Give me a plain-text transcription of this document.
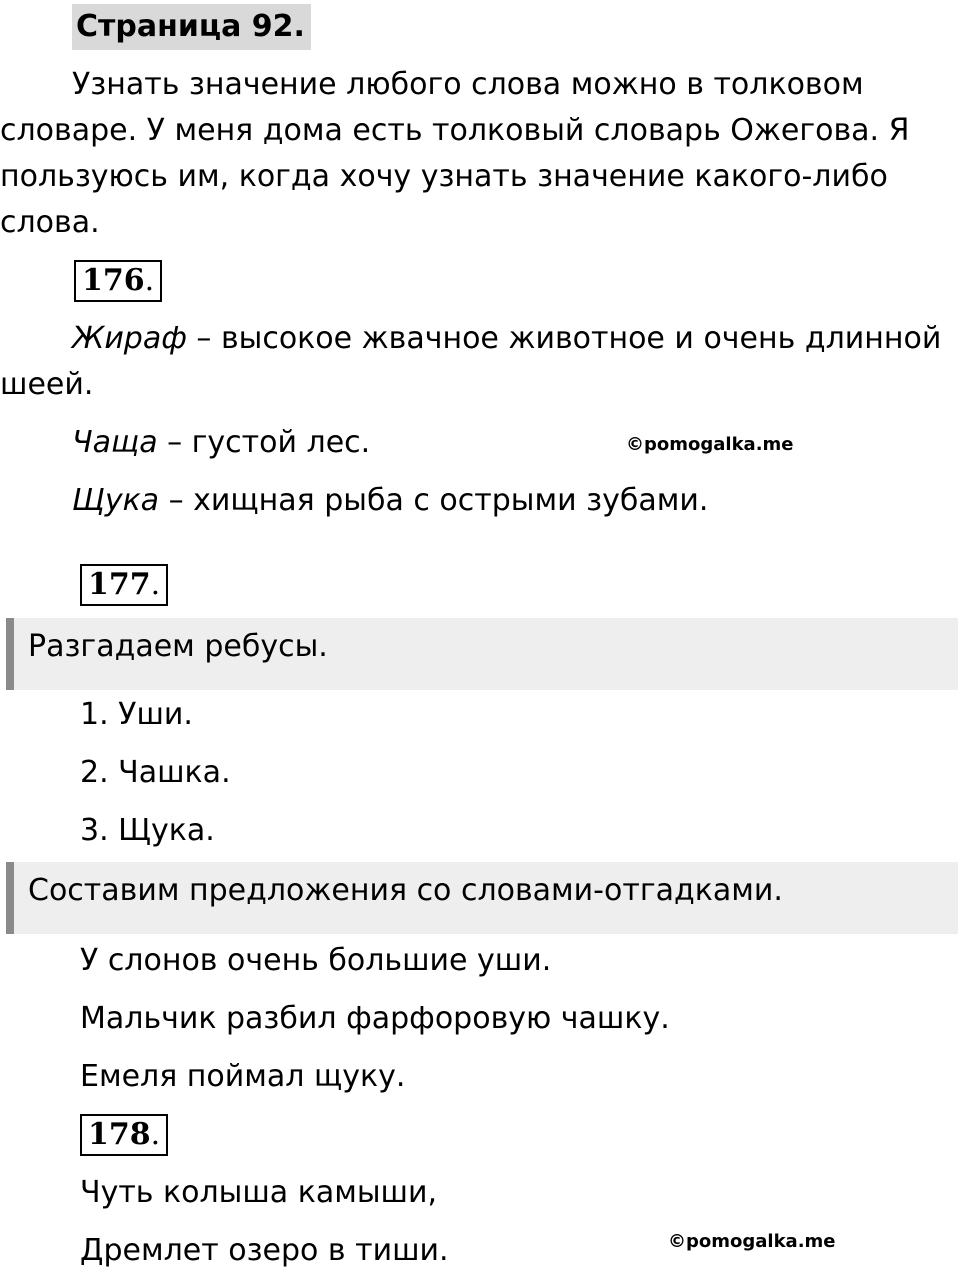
Страница 92.
Узнать значение любого слова можно в толковом
словаре. У меня дома есть толковый словарь Ожегова. Я
пользуюсь им, когда хочу узнать значение какого-либо
слова.
176.
Жираф – высокое жвачное животное и очень длинной
шеей.
Чаща – густой лес.	©pomogalka.me
Щука – хищная рыба с острыми зубами.
177.
Разгадаем ребусы.
1. Уши.
2. Чашка.
3. Щука.
Составим предложения со словами-отгадками.
У слонов очень большие уши.
Мальчик разбил фарфоровую чашку.
Емеля поймал щуку.
178.
Чуть колыша камыши,
Дремлет озеро в тиши.	©pomogalka.me
